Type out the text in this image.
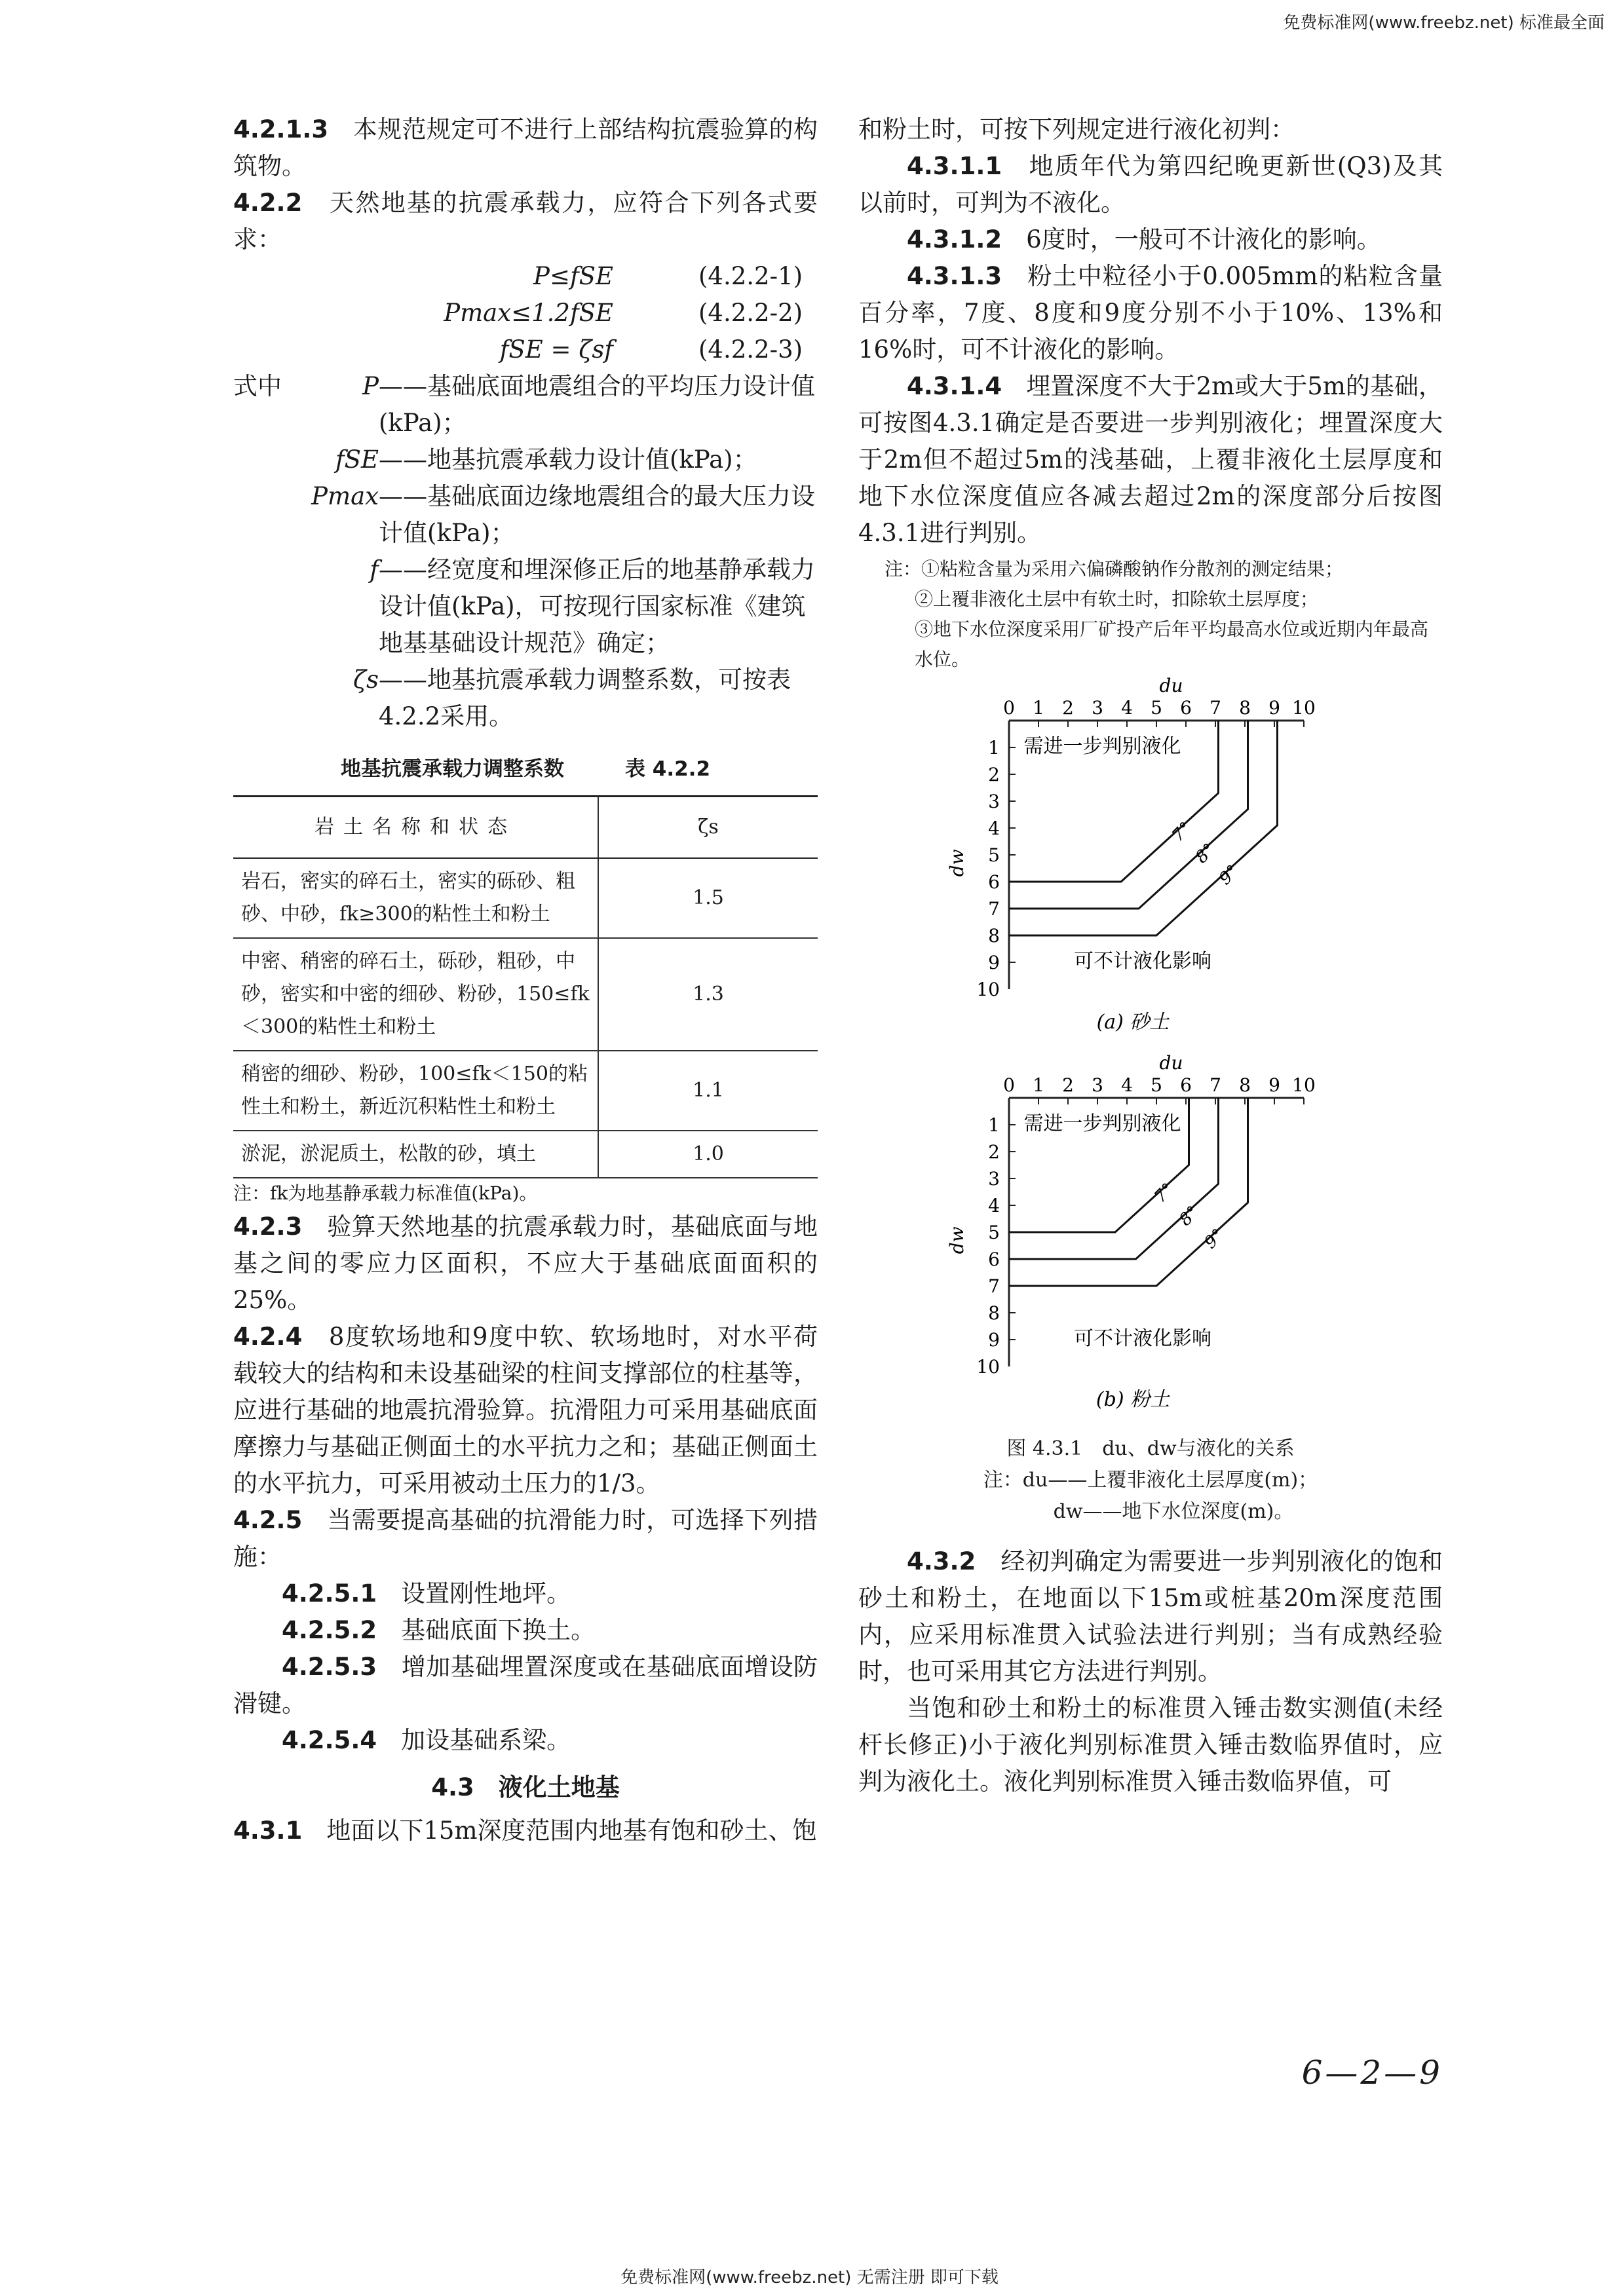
免费标准网(www.freebz.net) 标准最全面

4.2.1.3　 本规范规定可不进行上部结构抗震验算的构筑物。

4.2.2　 天然地基的抗震承载力，应符合下列各式要求：

P≤fSE	(4.2.2-1)
Pmax≤1.2fSE	(4.2.2-2)
fSE = ζsf	(4.2.2-3)
式中	P ——基础底面地震组合的平均压力设计值(kPa)；
fSE ——地基抗震承载力设计值(kPa)；
Pmax ——基础底面边缘地震组合的最大压力设计值(kPa)；
f ——经宽度和埋深修正后的地基静承载力设计值(kPa)，可按现行国家标准《建筑地基基础设计规范》确定；
ζs ——地基抗震承载力调整系数，可按表4.2.2采用。
地基抗震承载力调整系数　　　	表 4.2.2
岩土名称和状态	ζs
岩石，密实的碎石土，密实的砾砂、粗砂、中砂，fk≥300的粘性土和粉土	1.5
中密、稍密的碎石土，砾砂，粗砂，中砂，密实和中密的细砂、粉砂，150≤fk＜300的粘性土和粉土	1.3
稍密的细砂、粉砂，100≤fk＜150的粘性土和粉土，新近沉积粘性土和粉土	1.1
淤泥，淤泥质土，松散的砂，填土	1.0

注：fk为地基静承载力标准值(kPa)。

4.2.3　 验算天然地基的抗震承载力时，基础底面与地基之间的零应力区面积，不应大于基础底面面积的25%。

4.2.4　 8度软场地和9度中软、软场地时，对水平荷载较大的结构和未设基础梁的柱间支撑部位的柱基等，应进行基础的地震抗滑验算。抗滑阻力可采用基础底面摩擦力与基础正侧面土的水平抗力之和；基础正侧面土的水平抗力，可采用被动土压力的1/3。

4.2.5　 当需要提高基础的抗滑能力时，可选择下列措施：

4.2.5.1　 设置刚性地坪。

4.2.5.2　 基础底面下换土。

4.2.5.3　 增加基础埋置深度或在基础底面增设防滑键。

4.2.5.4　 加设基础系梁。

4.3　液化土地基

4.3.1　 地面以下15m深度范围内地基有饱和砂土、饱

和粉土时，可按下列规定进行液化初判：

4.3.1.1　 地质年代为第四纪晚更新世(Q3)及其以前时，可判为不液化。

4.3.1.2　 6度时，一般可不计液化的影响。

4.3.1.3　 粉土中粒径小于0.005mm的粘粒含量百分率，7度、8度和9度分别不小于10%、13%和16%时，可不计液化的影响。

4.3.1.4　 埋置深度不大于2m或大于5m的基础，可按图4.3.1确定是否要进一步判别液化；埋置深度大于2m但不超过5m的浅基础，上覆非液化土层厚度和地下水位深度值应各减去超过2m的深度部分后按图4.3.1进行判别。

注：①粘粒含量为采用六偏磷酸钠作分散剂的测定结果；
②上覆非液化土层中有软土时，扣除软土层厚度；
③地下水位深度采用厂矿投产后年平均最高水位或近期内年最高水位。
du
dw
0 1 2 3 4 5 6 7 8 9 10
1
2
3
4
5
6
7
8
9
10
7°
8°
9°
需进一步判别液化
可不计液化影响
(a) 砂土

du
dw
0 1 2 3 4 5 6 7 8 9 10
1
2
3
4
5
6
7
8
9
10
7°
8°
9°
需进一步判别液化
可不计液化影响
(b) 粉土
图 4.3.1　du、dw与液化的关系
注：du——上覆非液化土层厚度(m)；
dw——地下水位深度(m)。

4.3.2　 经初判确定为需要进一步判别液化的饱和砂土和粉土，在地面以下15m或桩基20m深度范围内，应采用标准贯入试验法进行判别；当有成熟经验时，也可采用其它方法进行判别。

当饱和砂土和粉土的标准贯入锤击数实测值(未经杆长修正)小于液化判别标准贯入锤击数临界值时，应判为液化土。液化判别标准贯入锤击数临界值，可

6—2—9
免费标准网(www.freebz.net) 无需注册 即可下载
